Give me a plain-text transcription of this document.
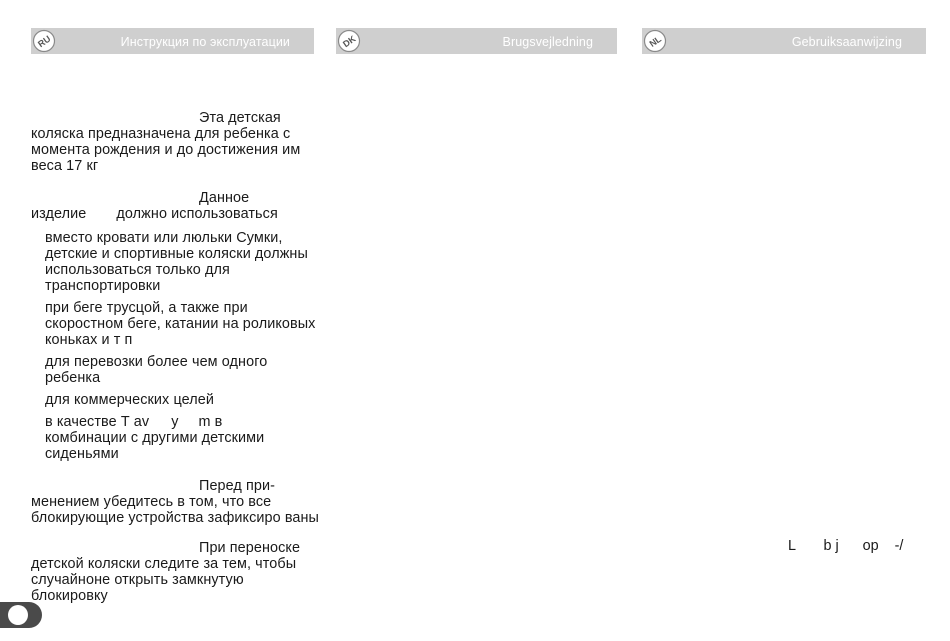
RU	Инструкция по эксплуатации	DK	Brugsvejledning	NL	Gebruiksaanwijzing

Эта детская
коляска предназначена для ребенка с момента рождения и до достижения им веса 17 кг

Данное
изделие должно использоваться

вместо кровати или люльки Сумки, детские и спортивные коляски должны использоваться только для транспортировки
при беге трусцой, а также при скоростном беге, катании на роликовых коньках и т п
для перевозки более чем одного ребенка
для коммерческих целей
в качестве Т av у m в
комбинации с другими детскими сиденьями

Перед при-
менением убедитесь в том, что все блокирующие устройства зафиксиро ваны

При переноске
детской коляски следите за тем, чтобы случайноне открыть замкнутую блокировку

L       b j      op    -/
